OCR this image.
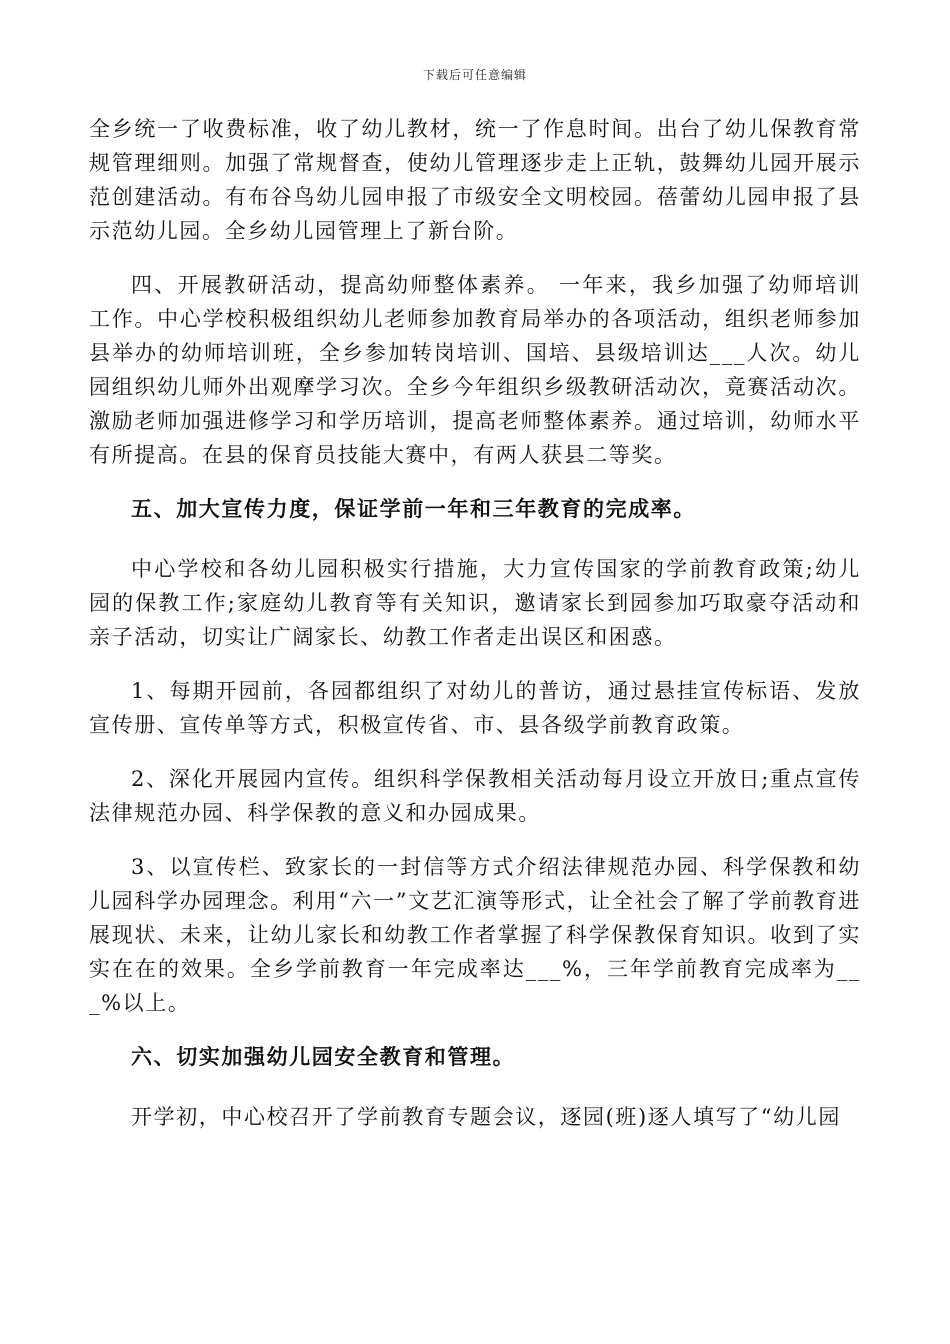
下载后可任意编辑

全乡统一了收费标准，收了幼儿教材，统一了作息时间。出台了幼儿保教育常规管理细则。加强了常规督查，使幼儿管理逐步走上正轨，鼓舞幼儿园开展示范创建活动。有布谷鸟幼儿园申报了市级安全文明校园。蓓蕾幼儿园申报了县示范幼儿园。全乡幼儿园管理上了新台阶。

四、开展教研活动，提高幼师整体素养。 一年来，我乡加强了幼师培训工作。中心学校积极组织幼儿老师参加教育局举办的各项活动，组织老师参加县举办的幼师培训班，全乡参加转岗培训、国培、县级培训达___人次。幼儿园组织幼儿师外出观摩学习次。全乡今年组织乡级教研活动次，竟赛活动次。激励老师加强进修学习和学历培训，提高老师整体素养。通过培训，幼师水平有所提高。在县的保育员技能大赛中，有两人获县二等奖。

五、加大宣传力度，保证学前一年和三年教育的完成率。

中心学校和各幼儿园积极实行措施，大力宣传国家的学前教育政策;幼儿园的保教工作;家庭幼儿教育等有关知识，邀请家长到园参加巧取豪夺活动和亲子活动，切实让广阔家长、幼教工作者走出误区和困惑。

1、每期开园前，各园都组织了对幼儿的普访，通过悬挂宣传标语、发放宣传册、宣传单等方式，积极宣传省、市、县各级学前教育政策。

2、深化开展园内宣传。组织科学保教相关活动每月设立开放日;重点宣传法律规范办园、科学保教的意义和办园成果。

3、以宣传栏、致家长的一封信等方式介绍法律规范办园、科学保教和幼儿园科学办园理念。利用“六一”文艺汇演等形式，让全社会了解了学前教育进展现状、未来，让幼儿家长和幼教工作者掌握了科学保教保育知识。收到了实实在在的效果。全乡学前教育一年完成率达___%，三年学前教育完成率为___%以上。

六、切实加强幼儿园安全教育和管理。

开学初，中心校召开了学前教育专题会议，逐园(班)逐人填写了“幼儿园
